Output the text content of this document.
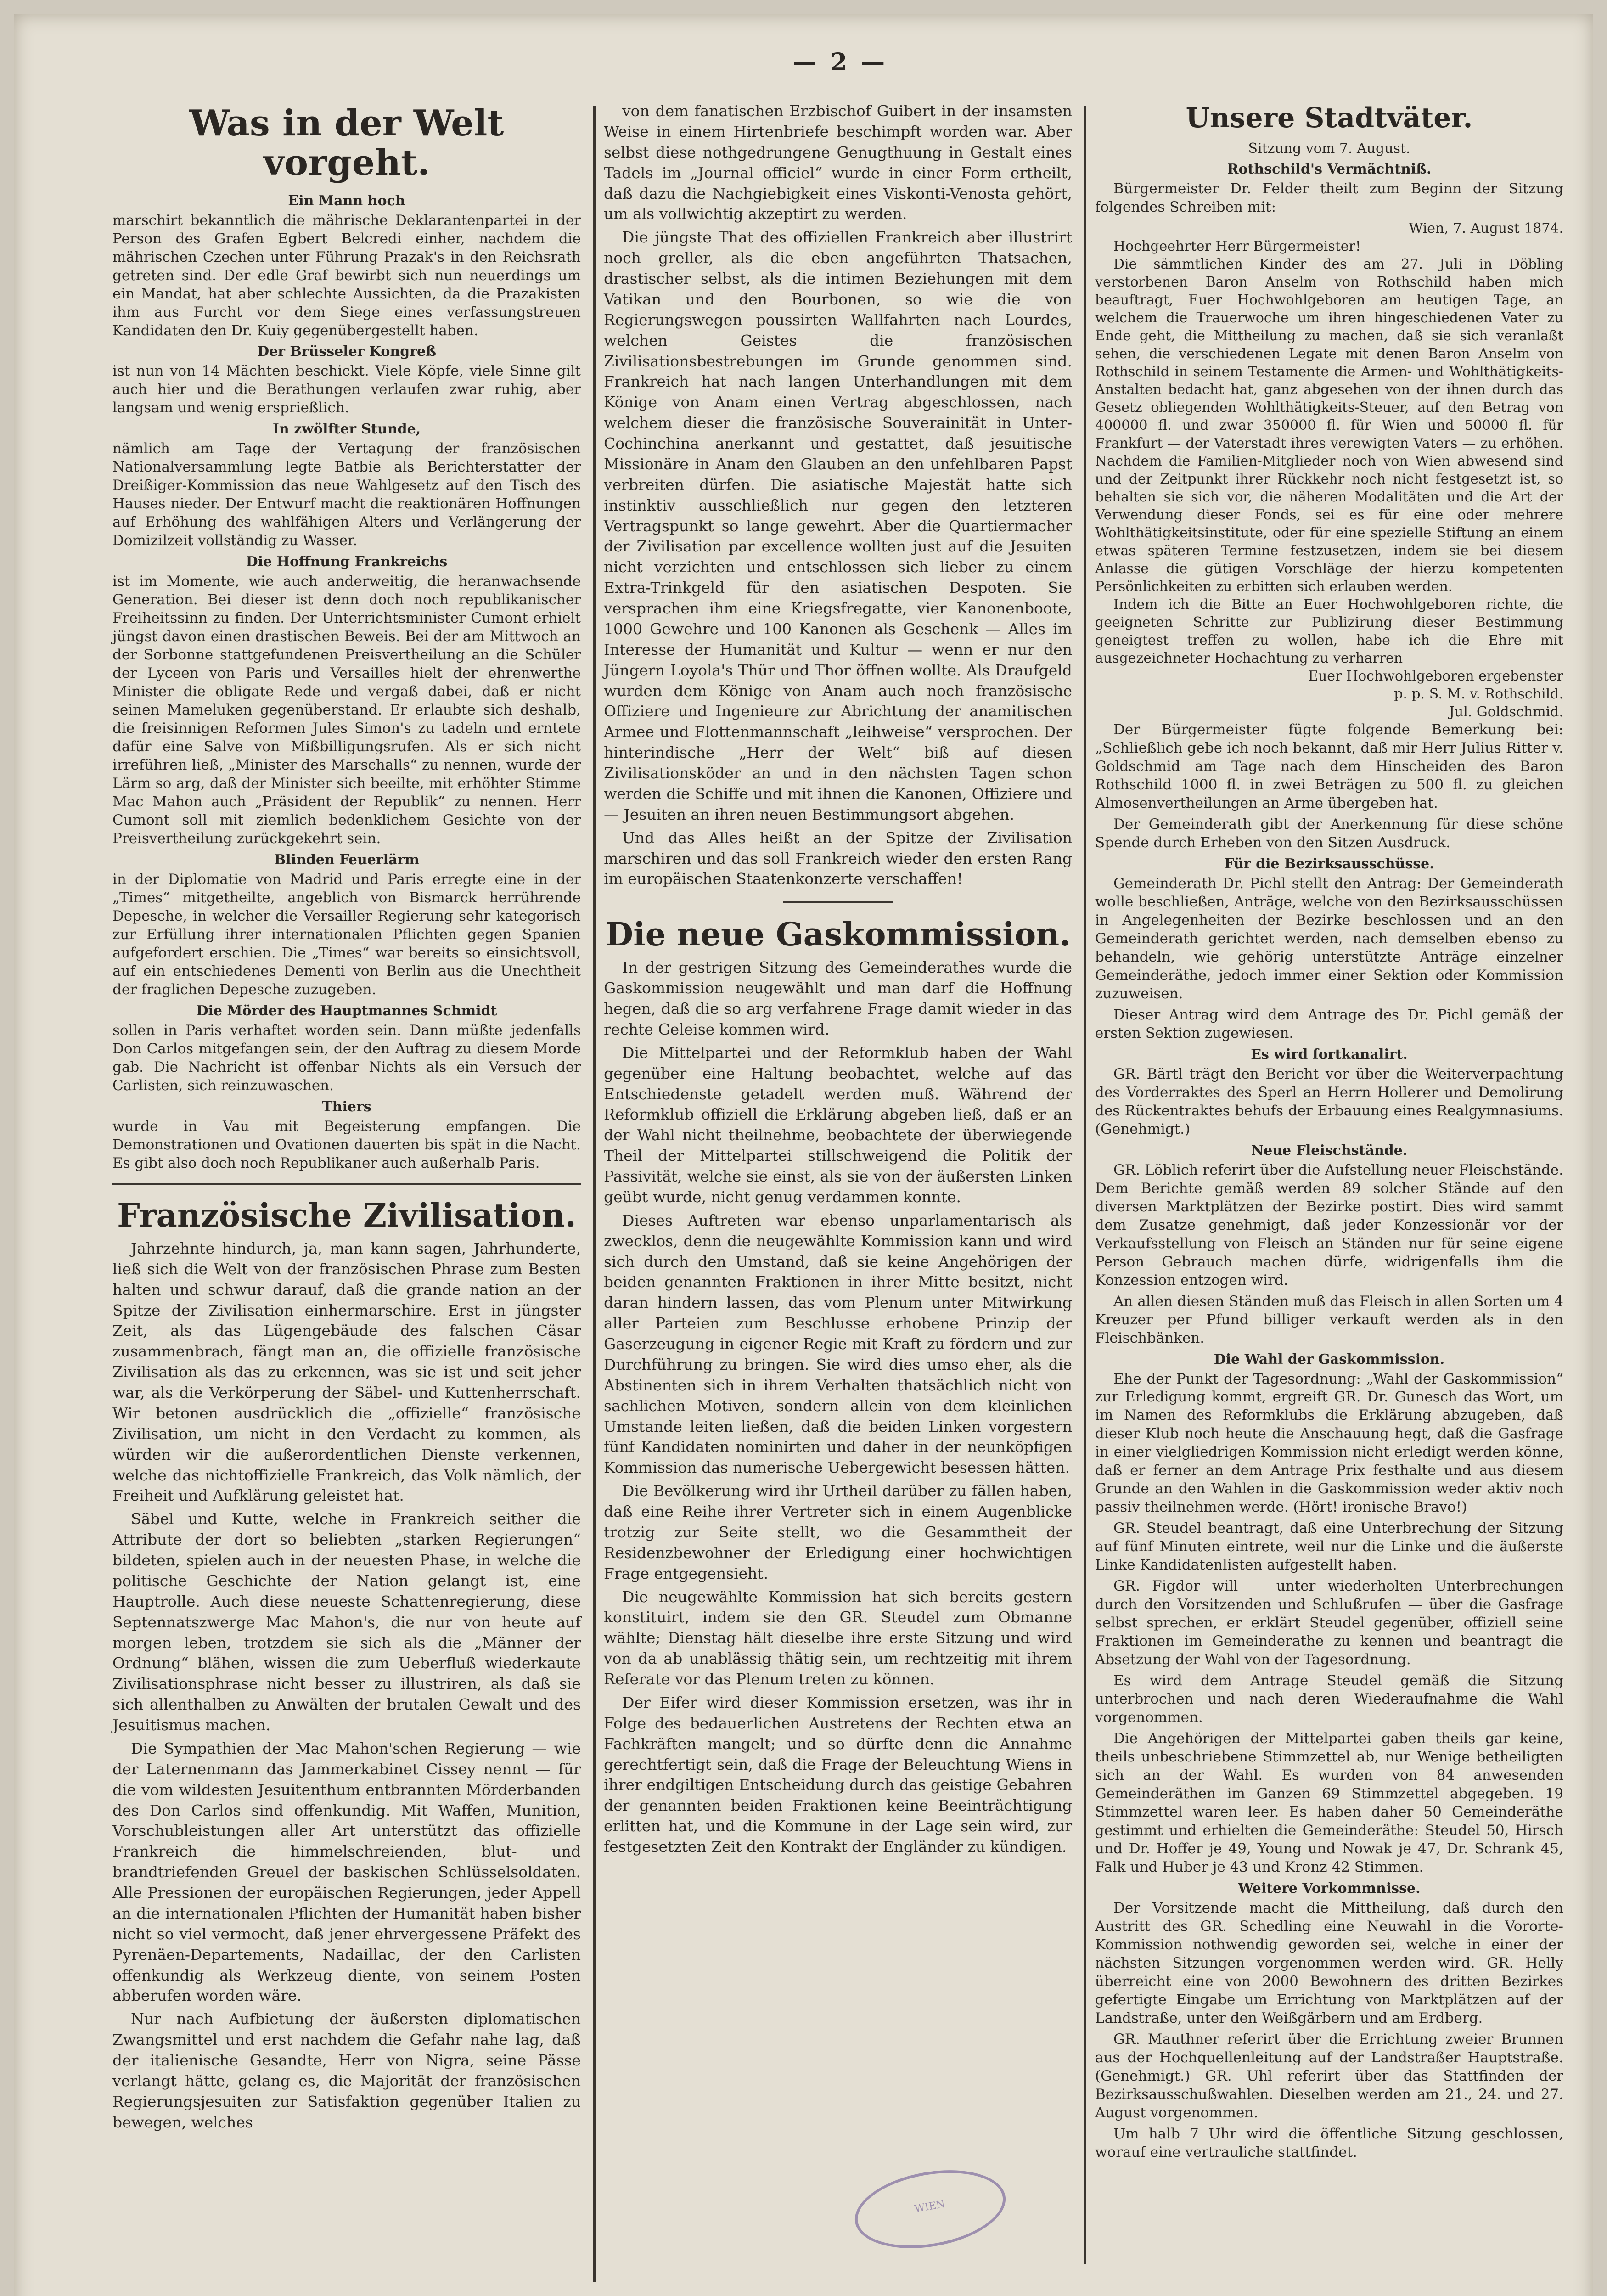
— 2 —
Was in der Welt vorgeht.
Ein Mann hoch
marschirt bekanntlich die mährische Deklarantenpartei in der Person des Grafen Egbert Belcredi einher, nachdem die mährischen Czechen unter Führung Prazak's in den Reichsrath getreten sind. Der edle Graf bewirbt sich nun neuerdings um ein Mandat, hat aber schlechte Aussichten, da die Prazakisten ihm aus Furcht vor dem Siege eines verfassungstreuen Kandidaten den Dr. Kuiy gegenübergestellt haben.
Der Brüsseler Kongreß
ist nun von 14 Mächten beschickt. Viele Köpfe, viele Sinne gilt auch hier und die Berathungen verlaufen zwar ruhig, aber langsam und wenig ersprießlich.
In zwölfter Stunde,
nämlich am Tage der Vertagung der französischen Nationalversammlung legte Batbie als Berichterstatter der Dreißiger-Kommission das neue Wahlgesetz auf den Tisch des Hauses nieder. Der Entwurf macht die reaktionären Hoffnungen auf Erhöhung des wahlfähigen Alters und Verlängerung der Domizilzeit vollständig zu Wasser.
Die Hoffnung Frankreichs
ist im Momente, wie auch anderweitig, die heranwachsende Generation. Bei dieser ist denn doch noch republikanischer Freiheitssinn zu finden. Der Unterrichtsminister Cumont erhielt jüngst davon einen drastischen Beweis. Bei der am Mittwoch an der Sorbonne stattgefundenen Preisvertheilung an die Schüler der Lyceen von Paris und Versailles hielt der ehrenwerthe Minister die obligate Rede und vergaß dabei, daß er nicht seinen Mameluken gegenüberstand. Er erlaubte sich deshalb, die freisinnigen Reformen Jules Simon's zu tadeln und erntete dafür eine Salve von Mißbilligungsrufen. Als er sich nicht irreführen ließ, „Minister des Marschalls“ zu nennen, wurde der Lärm so arg, daß der Minister sich beeilte, mit erhöhter Stimme Mac Mahon auch „Präsident der Republik“ zu nennen. Herr Cumont soll mit ziemlich bedenklichem Gesichte von der Preisvertheilung zurückgekehrt sein.
Blinden Feuerlärm
in der Diplomatie von Madrid und Paris erregte eine in der „Times“ mitgetheilte, angeblich von Bismarck herrührende Depesche, in welcher die Versailler Regierung sehr kategorisch zur Erfüllung ihrer internationalen Pflichten gegen Spanien aufgefordert erschien. Die „Times“ war bereits so einsichtsvoll, auf ein entschiedenes Dementi von Berlin aus die Unechtheit der fraglichen Depesche zuzugeben.
Die Mörder des Hauptmannes Schmidt
sollen in Paris verhaftet worden sein. Dann müßte jedenfalls Don Carlos mitgefangen sein, der den Auftrag zu diesem Morde gab. Die Nachricht ist offenbar Nichts als ein Versuch der Carlisten, sich reinzuwaschen.
Thiers
wurde in Vau mit Begeisterung empfangen. Die Demonstrationen und Ovationen dauerten bis spät in die Nacht. Es gibt also doch noch Republikaner auch außerhalb Paris.
Französische Zivilisation.
Jahrzehnte hindurch, ja, man kann sagen, Jahrhunderte, ließ sich die Welt von der französischen Phrase zum Besten halten und schwur darauf, daß die grande nation an der Spitze der Zivilisation einhermarschire. Erst in jüngster Zeit, als das Lügengebäude des falschen Cäsar zusammenbrach, fängt man an, die offizielle französische Zivilisation als das zu erkennen, was sie ist und seit jeher war, als die Verkörperung der Säbel- und Kuttenherrschaft. Wir betonen ausdrücklich die „offizielle“ französische Zivilisation, um nicht in den Verdacht zu kommen, als würden wir die außerordentlichen Dienste verkennen, welche das nichtoffizielle Frankreich, das Volk nämlich, der Freiheit und Aufklärung geleistet hat.
Säbel und Kutte, welche in Frankreich seither die Attribute der dort so beliebten „starken Regierungen“ bildeten, spielen auch in der neuesten Phase, in welche die politische Geschichte der Nation gelangt ist, eine Hauptrolle. Auch diese neueste Schattenregierung, diese Septennatszwerge Mac Mahon's, die nur von heute auf morgen leben, trotzdem sie sich als die „Männer der Ordnung“ blähen, wissen die zum Ueberfluß wiederkaute Zivilisationsphrase nicht besser zu illustriren, als daß sie sich allenthalben zu Anwälten der brutalen Gewalt und des Jesuitismus machen.
Die Sympathien der Mac Mahon'schen Regierung — wie der Laternenmann das Jammerkabinet Cissey nennt — für die vom wildesten Jesuitenthum entbrannten Mörderbanden des Don Carlos sind offenkundig. Mit Waffen, Munition, Vorschubleistungen aller Art unterstützt das offizielle Frankreich die himmelschreienden, blut- und brandtriefenden Greuel der baskischen Schlüsselsoldaten. Alle Pressionen der europäischen Regierungen, jeder Appell an die internationalen Pflichten der Humanität haben bisher nicht so viel vermocht, daß jener ehrvergessene Präfekt des Pyrenäen-Departements, Nadaillac, der den Carlisten offenkundig als Werkzeug diente, von seinem Posten abberufen worden wäre.
Nur nach Aufbietung der äußersten diplomatischen Zwangsmittel und erst nachdem die Gefahr nahe lag, daß der italienische Gesandte, Herr von Nigra, seine Pässe verlangt hätte, gelang es, die Majorität der französischen Regierungsjesuiten zur Satisfaktion gegenüber Italien zu bewegen, welches
von dem fanatischen Erzbischof Guibert in der insamsten Weise in einem Hirtenbriefe beschimpft worden war. Aber selbst diese nothgedrungene Genugthuung in Gestalt eines Tadels im „Journal officiel“ wurde in einer Form ertheilt, daß dazu die Nachgiebigkeit eines Viskonti-Venosta gehört, um als vollwichtig akzeptirt zu werden.
Die jüngste That des offiziellen Frankreich aber illustrirt noch greller, als die eben angeführten Thatsachen, drastischer selbst, als die intimen Beziehungen mit dem Vatikan und den Bourbonen, so wie die von Regierungswegen poussirten Wallfahrten nach Lourdes, welchen Geistes die französischen Zivilisationsbestrebungen im Grunde genommen sind. Frankreich hat nach langen Unterhandlungen mit dem Könige von Anam einen Vertrag abgeschlossen, nach welchem dieser die französische Souverainität in Unter-Cochinchina anerkannt und gestattet, daß jesuitische Missionäre in Anam den Glauben an den unfehlbaren Papst verbreiten dürfen. Die asiatische Majestät hatte sich instinktiv ausschließlich nur gegen den letzteren Vertragspunkt so lange gewehrt. Aber die Quartiermacher der Zivilisation par excellence wollten just auf die Jesuiten nicht verzichten und entschlossen sich lieber zu einem Extra-Trinkgeld für den asiatischen Despoten. Sie versprachen ihm eine Kriegsfregatte, vier Kanonenboote, 1000 Gewehre und 100 Kanonen als Geschenk — Alles im Interesse der Humanität und Kultur — wenn er nur den Jüngern Loyola's Thür und Thor öffnen wollte. Als Draufgeld wurden dem Könige von Anam auch noch französische Offiziere und Ingenieure zur Abrichtung der anamitischen Armee und Flottenmannschaft „leihweise“ versprochen. Der hinterindische „Herr der Welt“ biß auf diesen Zivilisationsköder an und in den nächsten Tagen schon werden die Schiffe und mit ihnen die Kanonen, Offiziere und — Jesuiten an ihren neuen Bestimmungsort abgehen.
Und das Alles heißt an der Spitze der Zivilisation marschiren und das soll Frankreich wieder den ersten Rang im europäischen Staatenkonzerte verschaffen!
Die neue Gaskommission.
In der gestrigen Sitzung des Gemeinderathes wurde die Gaskommission neugewählt und man darf die Hoffnung hegen, daß die so arg verfahrene Frage damit wieder in das rechte Geleise kommen wird.
Die Mittelpartei und der Reformklub haben der Wahl gegenüber eine Haltung beobachtet, welche auf das Entschiedenste getadelt werden muß. Während der Reformklub offiziell die Erklärung abgeben ließ, daß er an der Wahl nicht theilnehme, beobachtete der überwiegende Theil der Mittelpartei stillschweigend die Politik der Passivität, welche sie einst, als sie von der äußersten Linken geübt wurde, nicht genug verdammen konnte.
Dieses Auftreten war ebenso unparlamentarisch als zwecklos, denn die neugewählte Kommission kann und wird sich durch den Umstand, daß sie keine Angehörigen der beiden genannten Fraktionen in ihrer Mitte besitzt, nicht daran hindern lassen, das vom Plenum unter Mitwirkung aller Parteien zum Beschlusse erhobene Prinzip der Gaserzeugung in eigener Regie mit Kraft zu fördern und zur Durchführung zu bringen. Sie wird dies umso eher, als die Abstinenten sich in ihrem Verhalten thatsächlich nicht von sachlichen Motiven, sondern allein von dem kleinlichen Umstande leiten ließen, daß die beiden Linken vorgestern fünf Kandidaten nominirten und daher in der neunköpfigen Kommission das numerische Uebergewicht besessen hätten.
Die Bevölkerung wird ihr Urtheil darüber zu fällen haben, daß eine Reihe ihrer Vertreter sich in einem Augenblicke trotzig zur Seite stellt, wo die Gesammtheit der Residenzbewohner der Erledigung einer hochwichtigen Frage entgegensieht.
Die neugewählte Kommission hat sich bereits gestern konstituirt, indem sie den GR. Steudel zum Obmanne wählte; Dienstag hält dieselbe ihre erste Sitzung und wird von da ab unablässig thätig sein, um rechtzeitig mit ihrem Referate vor das Plenum treten zu können.
Der Eifer wird dieser Kommission ersetzen, was ihr in Folge des bedauerlichen Austretens der Rechten etwa an Fachkräften mangelt; und so dürfte denn die Annahme gerechtfertigt sein, daß die Frage der Beleuchtung Wiens in ihrer endgiltigen Entscheidung durch das geistige Gebahren der genannten beiden Fraktionen keine Beeinträchtigung erlitten hat, und die Kommune in der Lage sein wird, zur festgesetzten Zeit den Kontrakt der Engländer zu kündigen.
Unsere Stadtväter.
Sitzung vom 7. August.
Rothschild's Vermächtniß.
Bürgermeister Dr. Felder theilt zum Beginn der Sitzung folgendes Schreiben mit:
Wien, 7. August 1874.
Hochgeehrter Herr Bürgermeister!
Die sämmtlichen Kinder des am 27. Juli in Döbling verstorbenen Baron Anselm von Rothschild haben mich beauftragt, Euer Hochwohlgeboren am heutigen Tage, an welchem die Trauerwoche um ihren hingeschiedenen Vater zu Ende geht, die Mittheilung zu machen, daß sie sich veranlaßt sehen, die verschiedenen Legate mit denen Baron Anselm von Rothschild in seinem Testamente die Armen- und Wohlthätigkeits-Anstalten bedacht hat, ganz abgesehen von der ihnen durch das Gesetz obliegenden Wohlthätigkeits-Steuer, auf den Betrag von 400000 fl. und zwar 350000 fl. für Wien und 50000 fl. für Frankfurt — der Vaterstadt ihres verewigten Vaters — zu erhöhen. Nachdem die Familien-Mitglieder noch von Wien abwesend sind und der Zeitpunkt ihrer Rückkehr noch nicht festgesetzt ist, so behalten sie sich vor, die näheren Modalitäten und die Art der Verwendung dieser Fonds, sei es für eine oder mehrere Wohlthätigkeitsinstitute, oder für eine spezielle Stiftung an einem etwas späteren Termine festzusetzen, indem sie bei diesem Anlasse die gütigen Vorschläge der hierzu kompetenten Persönlichkeiten zu erbitten sich erlauben werden.
Indem ich die Bitte an Euer Hochwohlgeboren richte, die geeigneten Schritte zur Publizirung dieser Bestimmung geneigtest treffen zu wollen, habe ich die Ehre mit ausgezeichneter Hochachtung zu verharren
Euer Hochwohlgeboren ergebenster
p. p. S. M. v. Rothschild.
Jul. Goldschmid.
Der Bürgermeister fügte folgende Bemerkung bei: „Schließlich gebe ich noch bekannt, daß mir Herr Julius Ritter v. Goldschmid am Tage nach dem Hinscheiden des Baron Rothschild 1000 fl. in zwei Beträgen zu 500 fl. zu gleichen Almosenvertheilungen an Arme übergeben hat.
Der Gemeinderath gibt der Anerkennung für diese schöne Spende durch Erheben von den Sitzen Ausdruck.
Für die Bezirksausschüsse.
Gemeinderath Dr. Pichl stellt den Antrag: Der Gemeinderath wolle beschließen, Anträge, welche von den Bezirksausschüssen in Angelegenheiten der Bezirke beschlossen und an den Gemeinderath gerichtet werden, nach demselben ebenso zu behandeln, wie gehörig unterstützte Anträge einzelner Gemeinderäthe, jedoch immer einer Sektion oder Kommission zuzuweisen.
Dieser Antrag wird dem Antrage des Dr. Pichl gemäß der ersten Sektion zugewiesen.
Es wird fortkanalirt.
GR. Bärtl trägt den Bericht vor über die Weiterverpachtung des Vorderraktes des Sperl an Herrn Hollerer und Demolirung des Rückentraktes behufs der Erbauung eines Realgymnasiums. (Genehmigt.)
Neue Fleischstände.
GR. Löblich referirt über die Aufstellung neuer Fleischstände. Dem Berichte gemäß werden 89 solcher Stände auf den diversen Marktplätzen der Bezirke postirt. Dies wird sammt dem Zusatze genehmigt, daß jeder Konzessionär vor der Verkaufsstellung von Fleisch an Ständen nur für seine eigene Person Gebrauch machen dürfe, widrigenfalls ihm die Konzession entzogen wird.
An allen diesen Ständen muß das Fleisch in allen Sorten um 4 Kreuzer per Pfund billiger verkauft werden als in den Fleischbänken.
Die Wahl der Gaskommission.
Ehe der Punkt der Tagesordnung: „Wahl der Gaskommission“ zur Erledigung kommt, ergreift GR. Dr. Gunesch das Wort, um im Namen des Reformklubs die Erklärung abzugeben, daß dieser Klub noch heute die Anschauung hegt, daß die Gasfrage in einer vielgliedrigen Kommission nicht erledigt werden könne, daß er ferner an dem Antrage Prix festhalte und aus diesem Grunde an den Wahlen in die Gaskommission weder aktiv noch passiv theilnehmen werde. (Hört! ironische Bravo!)
GR. Steudel beantragt, daß eine Unterbrechung der Sitzung auf fünf Minuten eintrete, weil nur die Linke und die äußerste Linke Kandidatenlisten aufgestellt haben.
GR. Figdor will — unter wiederholten Unterbrechungen durch den Vorsitzenden und Schlußrufen — über die Gasfrage selbst sprechen, er erklärt Steudel gegenüber, offiziell seine Fraktionen im Gemeinderathe zu kennen und beantragt die Absetzung der Wahl von der Tagesordnung.
Es wird dem Antrage Steudel gemäß die Sitzung unterbrochen und nach deren Wiederaufnahme die Wahl vorgenommen.
Die Angehörigen der Mittelpartei gaben theils gar keine, theils unbeschriebene Stimmzettel ab, nur Wenige betheiligten sich an der Wahl. Es wurden von 84 anwesenden Gemeinderäthen im Ganzen 69 Stimmzettel abgegeben. 19 Stimmzettel waren leer. Es haben daher 50 Gemeinderäthe gestimmt und erhielten die Gemeinderäthe: Steudel 50, Hirsch und Dr. Hoffer je 49, Young und Nowak je 47, Dr. Schrank 45, Falk und Huber je 43 und Kronz 42 Stimmen.
Weitere Vorkommnisse.
Der Vorsitzende macht die Mittheilung, daß durch den Austritt des GR. Schedling eine Neuwahl in die Vororte-Kommission nothwendig geworden sei, welche in einer der nächsten Sitzungen vorgenommen werden wird. GR. Helly überreicht eine von 2000 Bewohnern des dritten Bezirkes gefertigte Eingabe um Errichtung von Marktplätzen auf der Landstraße, unter den Weißgärbern und am Erdberg.
GR. Mauthner referirt über die Errichtung zweier Brunnen aus der Hochquellenleitung auf der Landstraßer Hauptstraße. (Genehmigt.) GR. Uhl referirt über das Stattfinden der Bezirksausschußwahlen. Dieselben werden am 21., 24. und 27. August vorgenommen.
Um halb 7 Uhr wird die öffentliche Sitzung geschlossen, worauf eine vertrauliche stattfindet.
WIEN
